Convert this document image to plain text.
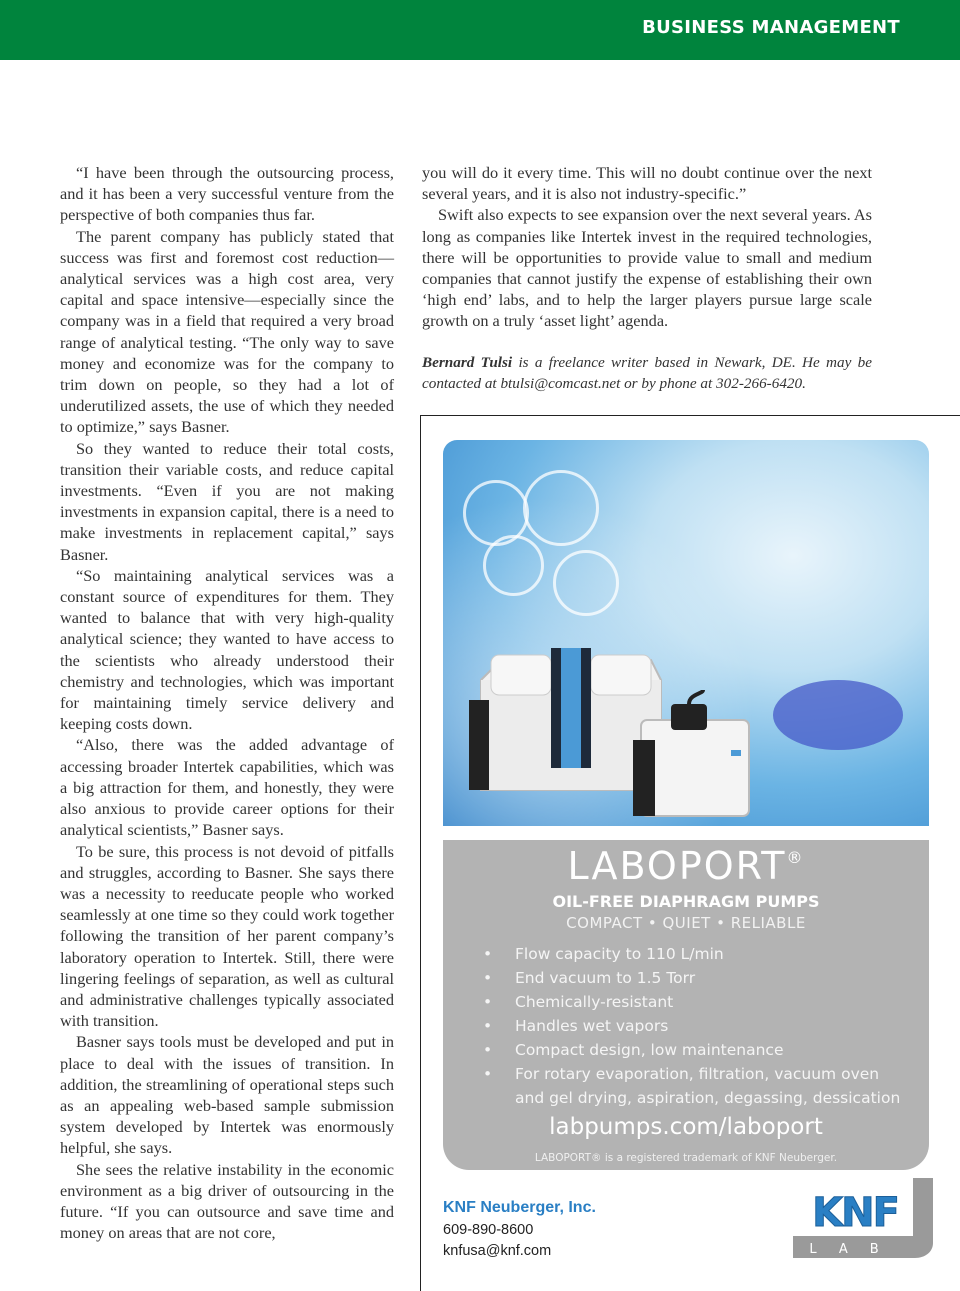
BUSINESS MANAGEMENT

“I have been through the outsourcing process, and it has been a very successful venture from the perspective of both companies thus far.

The parent company has publicly stated that success was first and foremost cost reduction—analytical services was a high cost area, very capital and space intensive—especially since the company was in a field that required a very broad range of analytical testing. “The only way to save money and economize was for the company to trim down on people, so they had a lot of underutilized assets, the use of which they needed to optimize,” says Basner.

So they wanted to reduce their total costs, transition their variable costs, and reduce capital investments. “Even if you are not making investments in expansion capital, there is a need to make investments in replacement capital,” says Basner.

“So maintaining analytical services was a constant source of expenditures for them. They wanted to balance that with very high-quality analytical science; they wanted to have access to the scientists who already understood their chemistry and technologies, which was important for maintaining timely service delivery and keeping costs down.

“Also, there was the added advantage of accessing broader Intertek capabilities, which was a big attraction for them, and honestly, they were also anxious to provide career options for their analytical scientists,” Basner says.

To be sure, this process is not devoid of pitfalls and struggles, according to Basner. She says there was a necessity to reeducate people who worked seamlessly at one time so they could work together following the transition of her parent company’s laboratory operation to Intertek. Still, there were lingering feelings of separation, as well as cultural and administrative challenges typically associated with transition.

Basner says tools must be developed and put in place to deal with the issues of transition. In addition, the streamlining of operational steps such as an appealing web-based sample submission system developed by Intertek was enormously helpful, she says.

She sees the relative instability in the economic environment as a big driver of outsourcing in the future. “If you can outsource and save time and money on areas that are not core,

you will do it every time. This will no doubt continue over the next several years, and it is also not industry-specific.”

Swift also expects to see expansion over the next several years. As long as companies like Intertek invest in the required technologies, there will be opportunities to provide value to small and medium companies that cannot justify the expense of establishing their own ‘high end’ labs, and to help the larger players pursue large scale growth on a truly ‘asset light’ agenda.

Bernard Tulsi is a freelance writer based in Newark, DE. He may be contacted at btulsi@comcast.net or by phone at 302-266-6420.

LABOPORT®
OIL-FREE DIAPHRAGM PUMPS
COMPACT • QUIET • RELIABLE
• Flow capacity to 110 L/min
• End vacuum to 1.5 Torr
• Chemically-resistant
• Handles wet vapors
• Compact design, low maintenance
• For rotary evaporation, filtration, vacuum oven and gel drying, aspiration, degassing, dessication
labpumps.com/laboport
LABOPORT® is a registered trademark of KNF Neuberger.
KNF Neuberger, Inc.
609-890-8600
knfusa@knf.com
KNF
LAB
